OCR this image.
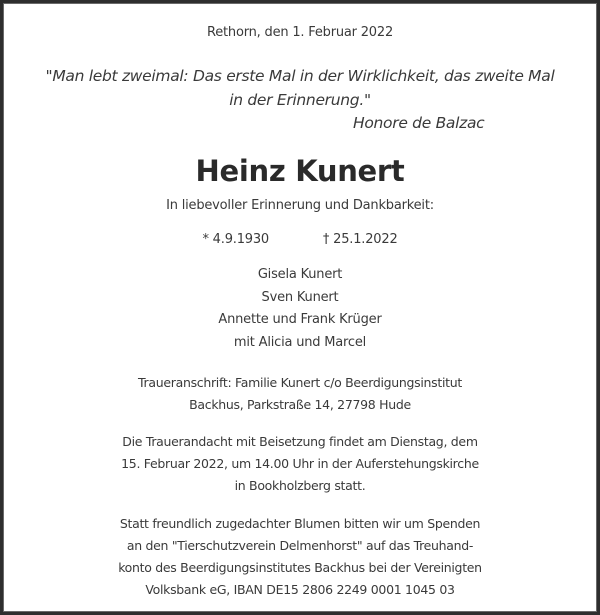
Rethorn, den 1. Februar 2022
"Man lebt zweimal: Das erste Mal in der Wirklichkeit, das zweite Mal
in der Erinnerung."
Honore de Balzac
Heinz Kunert
In liebevoller Erinnerung und Dankbarkeit:
* 4.9.1930	† 25.1.2022
Gisela Kunert
Sven Kunert
Annette und Frank Krüger
mit Alicia und Marcel
Traueranschrift: Familie Kunert c/o Beerdigungsinstitut
Backhus, Parkstraße 14, 27798 Hude
Die Trauerandacht mit Beisetzung findet am Dienstag, dem
15. Februar 2022, um 14.00 Uhr in der Auferstehungskirche
in Bookholzberg statt.
Statt freundlich zugedachter Blumen bitten wir um Spenden
an den "Tierschutzverein Delmenhorst" auf das Treuhand-
konto des Beerdigungsinstitutes Backhus bei der Vereinigten
Volksbank eG, IBAN DE15 2806 2249 0001 1045 03
